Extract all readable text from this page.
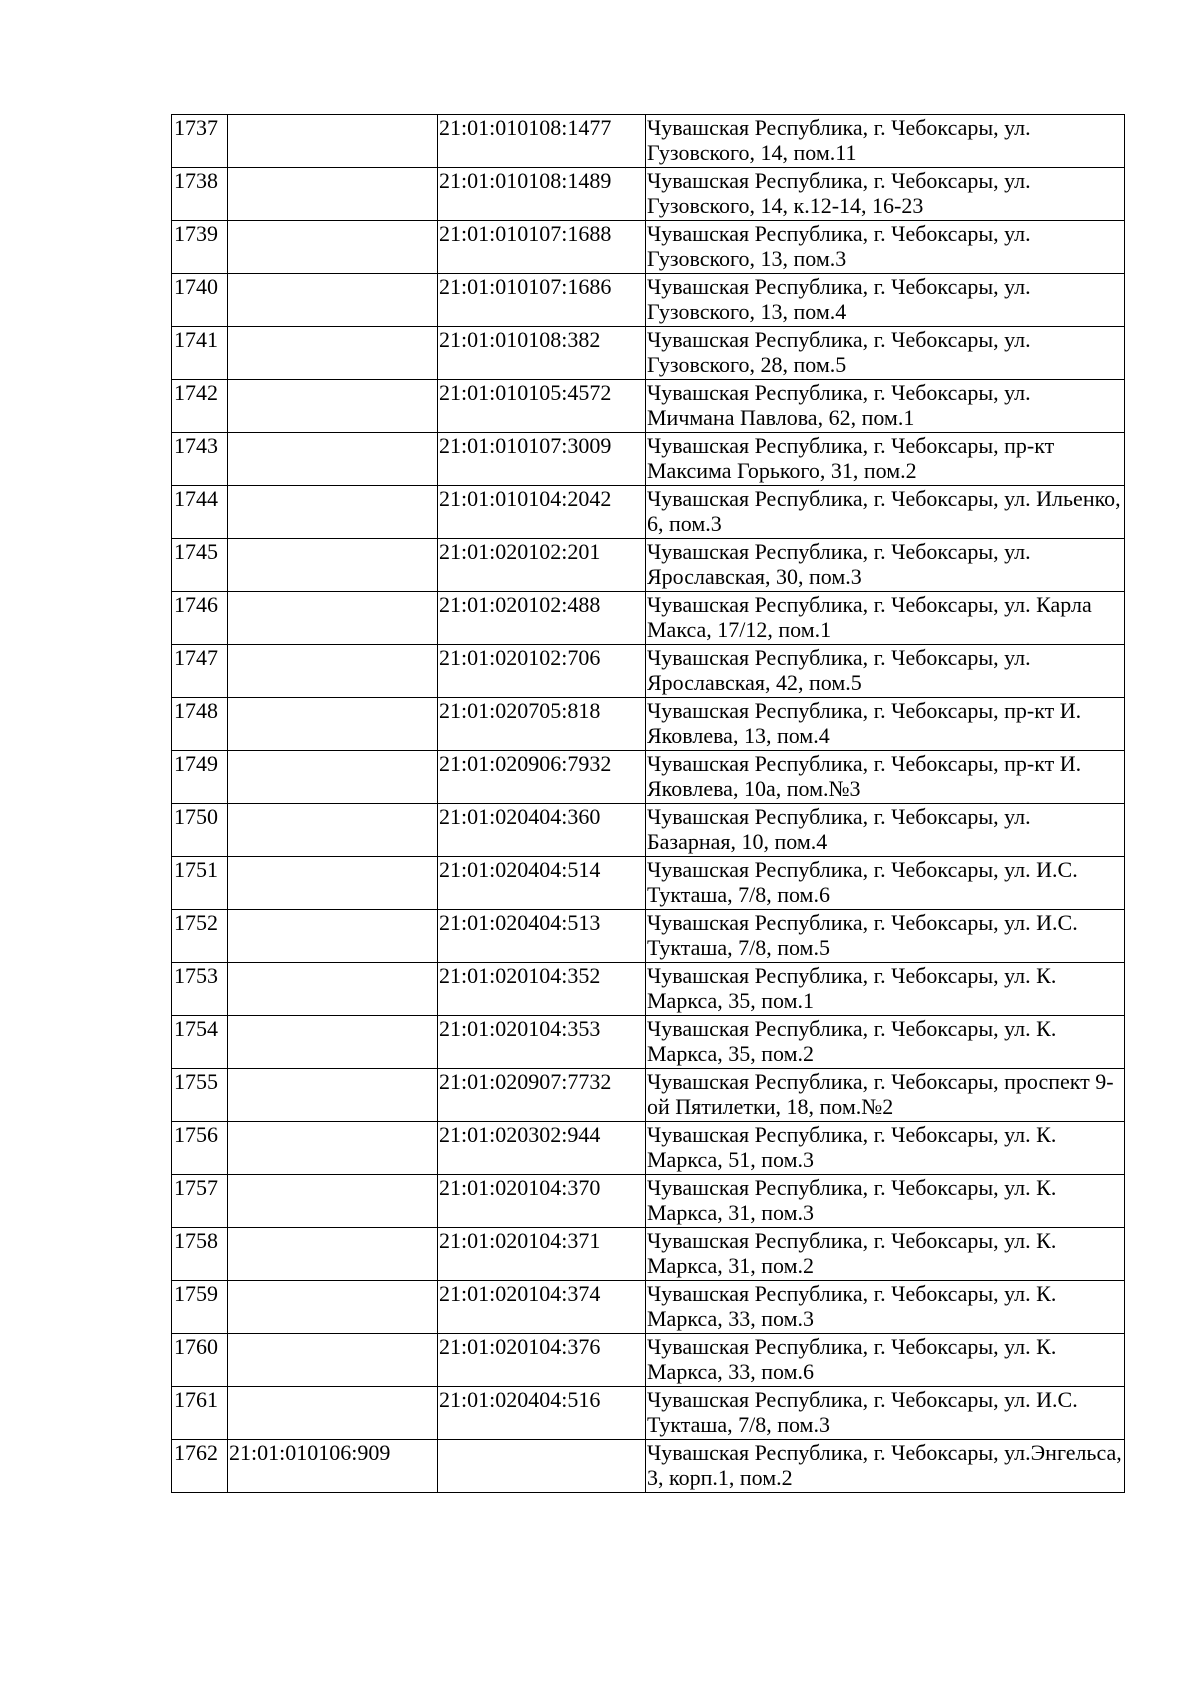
1737		21:01:010108:1477	Чувашская Республика, г. Чебоксары, ул. Гузовского, 14, пом.11
1738		21:01:010108:1489	Чувашская Республика, г. Чебоксары, ул. Гузовского, 14, к.12-14, 16-23
1739		21:01:010107:1688	Чувашская Республика, г. Чебоксары, ул. Гузовского, 13, пом.3
1740		21:01:010107:1686	Чувашская Республика, г. Чебоксары, ул. Гузовского, 13, пом.4
1741		21:01:010108:382	Чувашская Республика, г. Чебоксары, ул. Гузовского, 28, пом.5
1742		21:01:010105:4572	Чувашская Республика, г. Чебоксары, ул. Мичмана Павлова, 62, пом.1
1743		21:01:010107:3009	Чувашская Республика, г. Чебоксары, пр-кт Максима Горького, 31, пом.2
1744		21:01:010104:2042	Чувашская Республика, г. Чебоксары, ул. Ильенко, 6, пом.3
1745		21:01:020102:201	Чувашская Республика, г. Чебоксары, ул. Ярославская, 30, пом.3
1746		21:01:020102:488	Чувашская Республика, г. Чебоксары, ул. Карла Макса, 17/12, пом.1
1747		21:01:020102:706	Чувашская Республика, г. Чебоксары, ул. Ярославская, 42, пом.5
1748		21:01:020705:818	Чувашская Республика, г. Чебоксары, пр-кт И. Яковлева, 13, пом.4
1749		21:01:020906:7932	Чувашская Республика, г. Чебоксары, пр-кт И. Яковлева, 10а, пом.№3
1750		21:01:020404:360	Чувашская Республика, г. Чебоксары, ул. Базарная, 10, пом.4
1751		21:01:020404:514	Чувашская Республика, г. Чебоксары, ул. И.С. Тукташа, 7/8, пом.6
1752		21:01:020404:513	Чувашская Республика, г. Чебоксары, ул. И.С. Тукташа, 7/8, пом.5
1753		21:01:020104:352	Чувашская Республика, г. Чебоксары, ул. К. Маркса, 35, пом.1
1754		21:01:020104:353	Чувашская Республика, г. Чебоксары, ул. К. Маркса, 35, пом.2
1755		21:01:020907:7732	Чувашская Республика, г. Чебоксары, проспект 9-ой Пятилетки, 18, пом.№2
1756		21:01:020302:944	Чувашская Республика, г. Чебоксары, ул. К. Маркса, 51, пом.3
1757		21:01:020104:370	Чувашская Республика, г. Чебоксары, ул. К. Маркса, 31, пом.3
1758		21:01:020104:371	Чувашская Республика, г. Чебоксары, ул. К. Маркса, 31, пом.2
1759		21:01:020104:374	Чувашская Республика, г. Чебоксары, ул. К. Маркса, 33, пом.3
1760		21:01:020104:376	Чувашская Республика, г. Чебоксары, ул. К. Маркса, 33, пом.6
1761		21:01:020404:516	Чувашская Республика, г. Чебоксары, ул. И.С. Тукташа, 7/8, пом.3
1762	21:01:010106:909		Чувашская Республика, г. Чебоксары, ул.Энгельса, 3, корп.1, пом.2
